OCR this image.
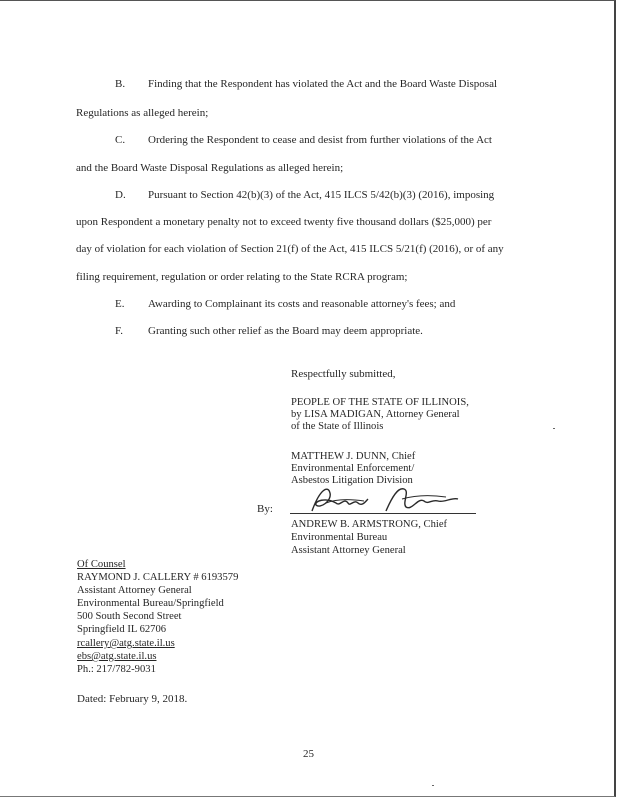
B. Finding that the Respondent has violated the Act and the Board Waste Disposal
Regulations as alleged herein;
C. Ordering the Respondent to cease and desist from further violations of the Act
and the Board Waste Disposal Regulations as alleged herein;
D. Pursuant to Section 42(b)(3) of the Act, 415 ILCS 5/42(b)(3) (2016), imposing
upon Respondent a monetary penalty not to exceed twenty five thousand dollars ($25,000) per
day of violation for each violation of Section 21(f) of the Act, 415 ILCS 5/21(f) (2016), or of any
filing requirement, regulation or order relating to the State RCRA program;
E. Awarding to Complainant its costs and reasonable attorney's fees; and
F. Granting such other relief as the Board may deem appropriate.
Respectfully submitted,
PEOPLE OF THE STATE OF ILLINOIS,
by LISA MADIGAN, Attorney General
of the State of Illinois
MATTHEW J. DUNN, Chief
Environmental Enforcement/
Asbestos Litigation Division
By:
ANDREW B. ARMSTRONG, Chief
Environmental Bureau
Assistant Attorney General
Of Counsel
RAYMOND J. CALLERY # 6193579
Assistant Attorney General
Environmental Bureau/Springfield
500 South Second Street
Springfield IL 62706
rcallery@atg.state.il.us
ebs@atg.state.il.us
Ph.: 217/782-9031
Dated: February 9, 2018.
25
